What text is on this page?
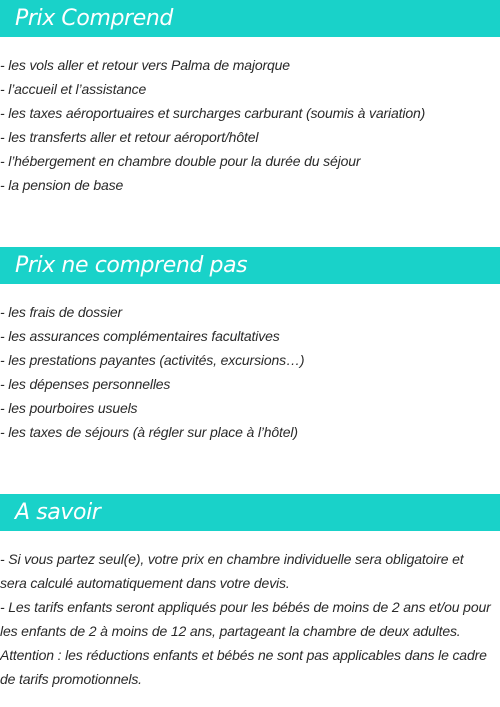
Prix Comprend
- les vols aller et retour vers Palma de majorque
- l’accueil et l’assistance
- les taxes aéroportuaires et surcharges carburant (soumis à variation)
- les transferts aller et retour aéroport/hôtel
- l’hébergement en chambre double pour la durée du séjour
- la pension de base
Prix ne comprend pas
- les frais de dossier
- les assurances complémentaires facultatives
- les prestations payantes (activités, excursions…)
- les dépenses personnelles
- les pourboires usuels
- les taxes de séjours (à régler sur place à l’hôtel)
A savoir
- Si vous partez seul(e), votre prix en chambre individuelle sera obligatoire et
sera calculé automatiquement dans votre devis.
- Les tarifs enfants seront appliqués pour les bébés de moins de 2 ans et/ou pour
les enfants de 2 à moins de 12 ans, partageant la chambre de deux adultes.
Attention : les réductions enfants et bébés ne sont pas applicables dans le cadre
de tarifs promotionnels.
